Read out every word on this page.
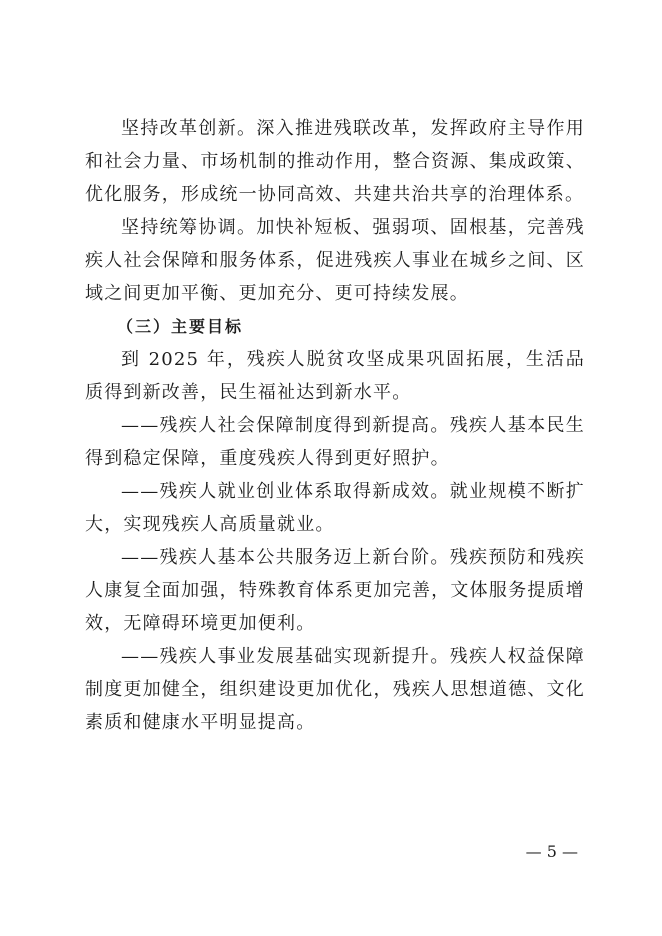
坚持改革创新。深入推进残联改革，发挥政府主导作用和社会力量、市场机制的推动作用，整合资源、集成政策、优化服务，形成统一协同高效、共建共治共享的治理体系。

坚持统筹协调。加快补短板、强弱项、固根基，完善残疾人社会保障和服务体系，促进残疾人事业在城乡之间、区域之间更加平衡、更加充分、更可持续发展。

（三）主要目标

到 2025 年，残疾人脱贫攻坚成果巩固拓展，生活品质得到新改善，民生福祉达到新水平。

——残疾人社会保障制度得到新提高。残疾人基本民生得到稳定保障，重度残疾人得到更好照护。

——残疾人就业创业体系取得新成效。就业规模不断扩大，实现残疾人高质量就业。

——残疾人基本公共服务迈上新台阶。残疾预防和残疾人康复全面加强，特殊教育体系更加完善，文体服务提质增效，无障碍环境更加便利。

——残疾人事业发展基础实现新提升。残疾人权益保障制度更加健全，组织建设更加优化，残疾人思想道德、文化素质和健康水平明显提高。

— 5 —
